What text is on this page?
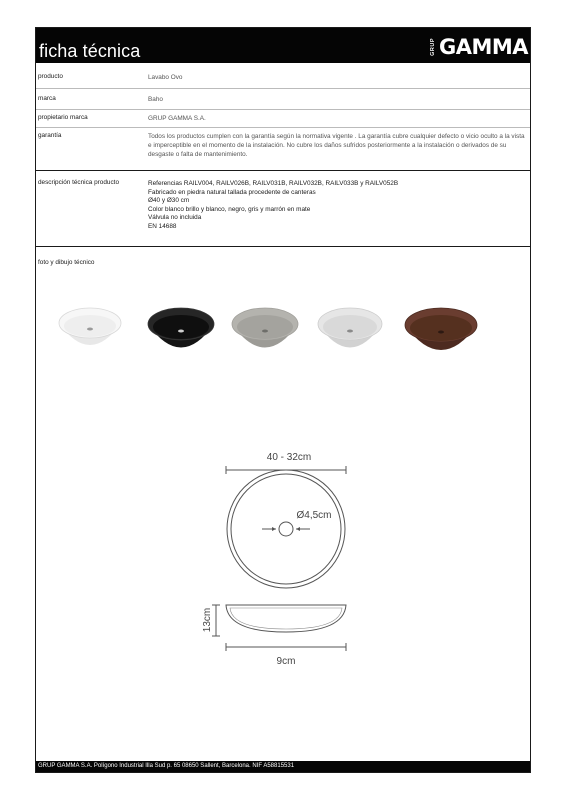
ficha técnica	GRUP GAMMA
producto	Lavabo Ovo
marca	Baho
propietario marca	GRUP GAMMA S.A.
garantía	Todos los productos cumplen con la garantía según la normativa vigente . La garantía cubre cualquier defecto o vicio oculto a la vista e imperceptible en el momento de la instalación. No cubre los daños sufridos posteriormente a la instalación o derivados de su desgaste o falta de mantenimiento.
descripción técnica producto	Referencias RAILV004, RAILV026B, RAILV031B, RAILV032B, RAILV033B y RAILV052B
Fabricado en piedra natural tallada procedente de canteras
Ø40 y Ø30 cm
Color blanco brillo y blanco, negro, gris y marrón en mate
Válvula no incluida
EN 14688
foto y dibujo técnico
40 - 32cm
Ø4,5cm
13cm
9cm
GRUP GAMMA S.A. Polígono Industrial Illa Sud p. 65 08650 Sallent, Barcelona. NIF A58815531
